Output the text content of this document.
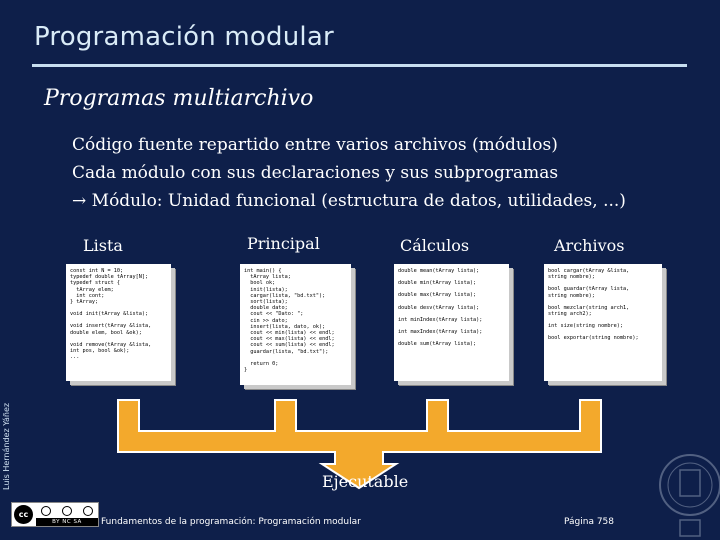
Programación modular
Programas multiarchivo
Código fuente repartido entre varios archivos (módulos)
Cada módulo con sus declaraciones y sus subprogramas
→ Módulo: Unidad funcional (estructura de datos, utilidades, ...)
Lista	Principal	Cálculos	Archivos
const int N = 10;
typedef double tArray[N];
typedef struct {
tArray elem;
int cont;
} tArray;
void init(tArray &lista);
void insert(tArray &lista,
double elem, bool &ok);
void remove(tArray &lista,
int pos, bool &ok);
...
int main() {
tArray lista;
bool ok;
init(lista);
cargar(lista, "bd.txt");
sort(lista);
double dato;
cout << "Dato: ";
cin >> dato;
insert(lista, dato, ok);
cout << min(lista) << endl;
cout << max(lista) << endl;
cout << sum(lista) << endl;
guardar(lista, "bd.txt");
return 0;
}
double mean(tArray lista);
double min(tArray lista);
double max(tArray lista);
double desv(tArray lista);
int minIndex(tArray lista);
int maxIndex(tArray lista);
double sum(tArray lista);
bool cargar(tArray &lista,
string nombre);
bool guardar(tArray lista,
string nombre);
bool mezclar(string arch1,
string arch2);
int size(string nombre);
bool exportar(string nombre);
Ejecutable
Luis Hernández Yáñez
cc
BY NC SA	Fundamentos de la programación: Programación modular	Página 758
